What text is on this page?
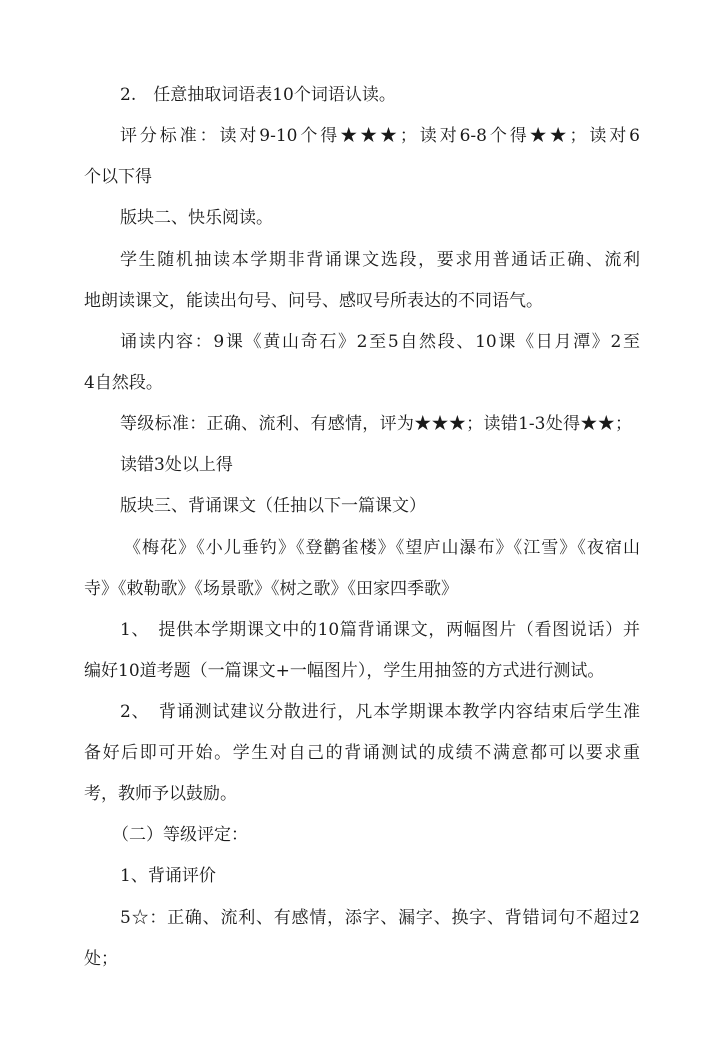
2.　任意抽取词语表10个词语认读。

评分标准：读对9-10个得★★★；读对6-8个得★★；读对6

个以下得

版块二、快乐阅读。

学生随机抽读本学期非背诵课文选段，要求用普通话正确、流利

地朗读课文，能读出句号、问号、感叹号所表达的不同语气。

诵读内容：9课《黄山奇石》2至5自然段、10课《日月潭》2至

4自然段。

等级标准：正确、流利、有感情，评为★★★；读错1-3处得★★；

读错3处以上得

版块三、背诵课文（任抽以下一篇课文）

《梅花》《小儿垂钓》《登鹳雀楼》《望庐山瀑布》《江雪》《夜宿山

寺》《敕勒歌》《场景歌》《树之歌》《田家四季歌》

1、　提供本学期课文中的10篇背诵课文，两幅图片（看图说话）并

编好10道考题（一篇课文+一幅图片），学生用抽签的方式进行测试。

2、　背诵测试建议分散进行，凡本学期课本教学内容结束后学生准

备好后即可开始。学生对自己的背诵测试的成绩不满意都可以要求重

考，教师予以鼓励。

（二）等级评定：

1、背诵评价

5☆：正确、流利、有感情，添字、漏字、换字、背错词句不超过2

处；
